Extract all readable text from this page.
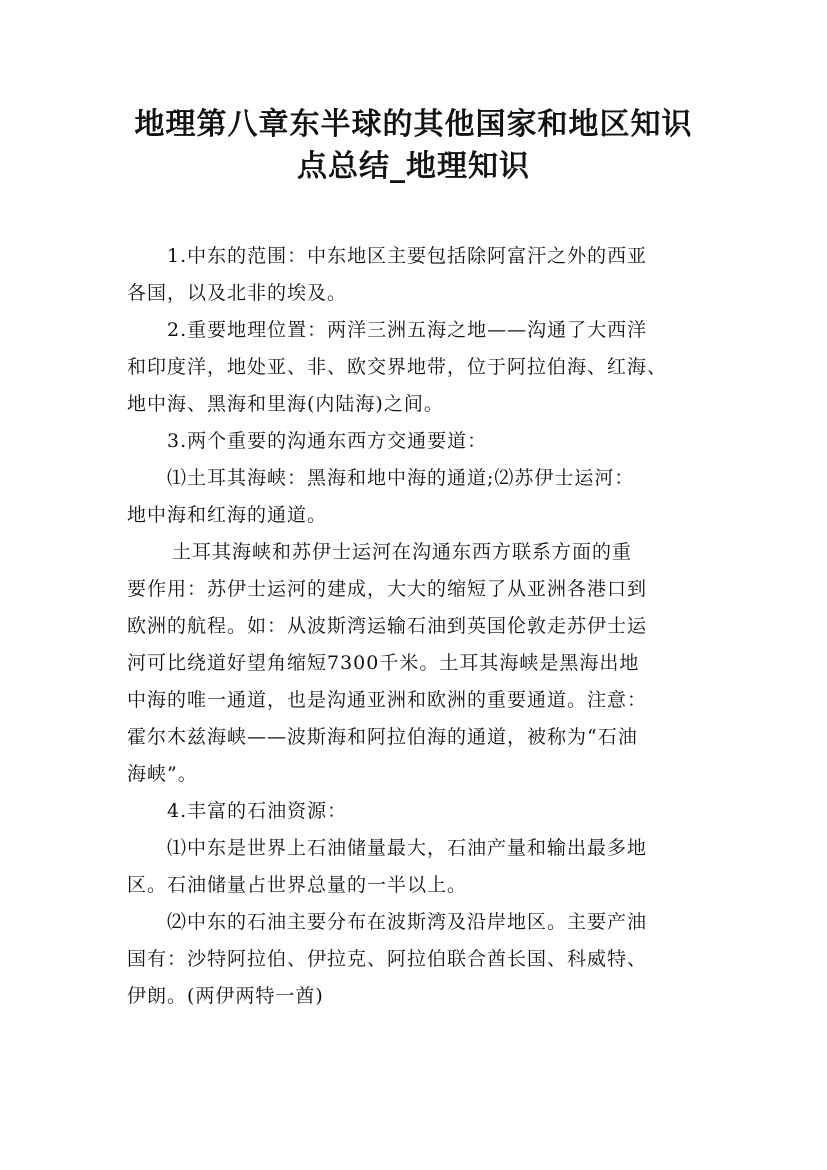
地理第八章东半球的其他国家和地区知识
点总结_地理知识
1.中东的范围：中东地区主要包括除阿富汗之外的西亚
各国，以及北非的埃及。
2.重要地理位置：两洋三洲五海之地——沟通了大西洋
和印度洋，地处亚、非、欧交界地带，位于阿拉伯海、红海、
地中海、黑海和里海(内陆海)之间。
3.两个重要的沟通东西方交通要道：
⑴土耳其海峡：黑海和地中海的通道;⑵苏伊士运河：
地中海和红海的通道。
土耳其海峡和苏伊士运河在沟通东西方联系方面的重
要作用：苏伊士运河的建成，大大的缩短了从亚洲各港口到
欧洲的航程。如：从波斯湾运输石油到英国伦敦走苏伊士运
河可比绕道好望角缩短7300千米。土耳其海峡是黑海出地
中海的唯一通道，也是沟通亚洲和欧洲的重要通道。注意：
霍尔木兹海峡——波斯海和阿拉伯海的通道，被称为“石油
海峡”。
4.丰富的石油资源：
⑴中东是世界上石油储量最大，石油产量和输出最多地
区。石油储量占世界总量的一半以上。
⑵中东的石油主要分布在波斯湾及沿岸地区。主要产油
国有：沙特阿拉伯、伊拉克、阿拉伯联合酋长国、科威特、
伊朗。(两伊两特一酋)
